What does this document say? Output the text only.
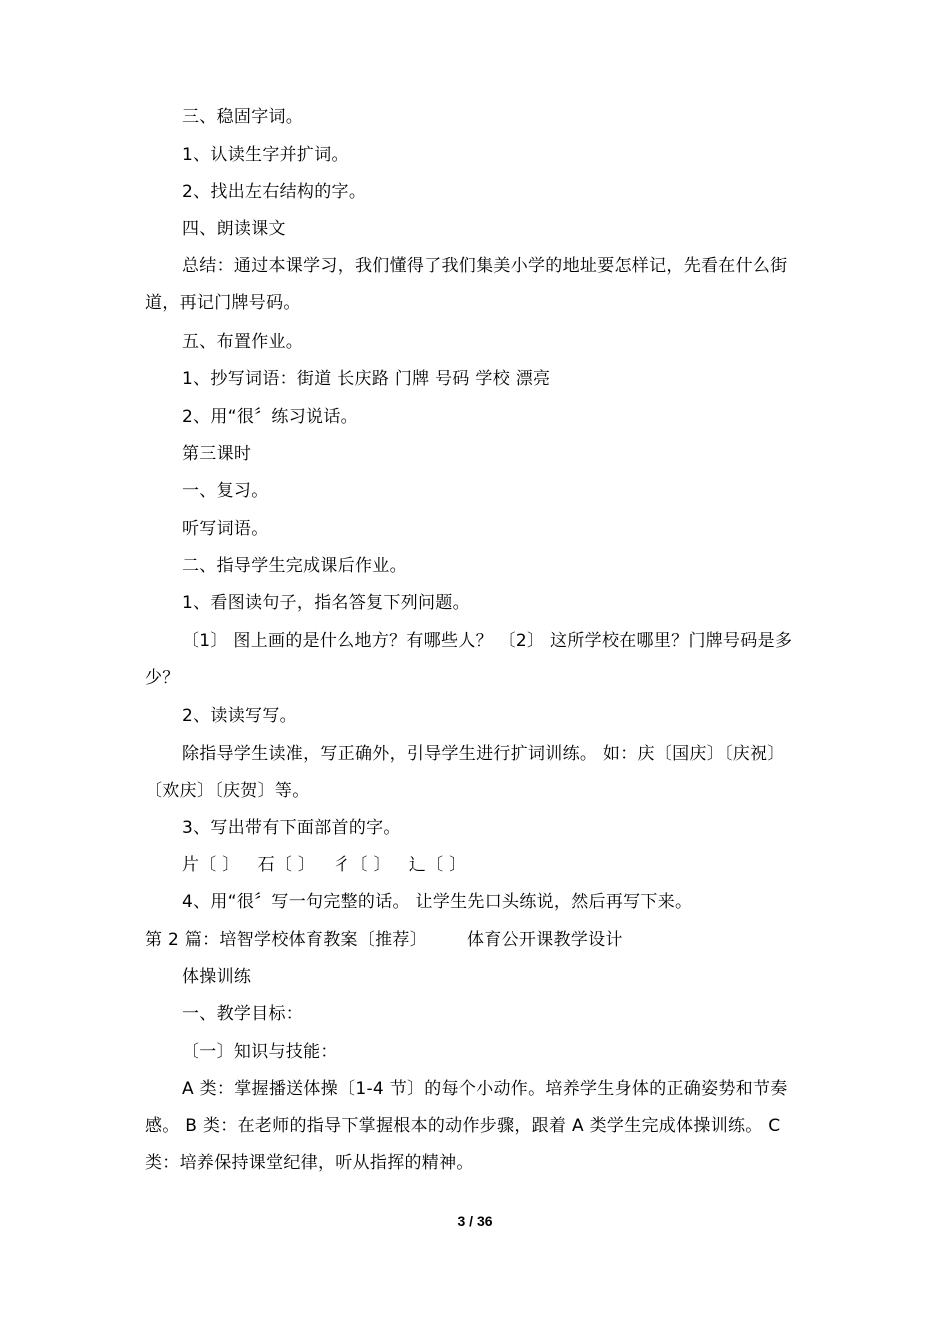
三、稳固字词。
1、认读生字并扩词。
2、找出左右结构的字。
四、朗读课文
总结：通过本课学习，我们懂得了我们集美小学的地址要怎样记，先看在什么街道，再记门牌号码。
五、布置作业。
1、抄写词语：街道 长庆路 门牌 号码 学校 漂亮
2、用“很〞练习说话。
第三课时
一、复习。
听写词语。
二、指导学生完成课后作业。
1、看图读句子，指名答复下列问题。
〔1〕 图上画的是什么地方？有哪些人？ 〔2〕 这所学校在哪里？门牌号码是多少？
2、读读写写。
除指导学生读准，写正确外，引导学生进行扩词训练。 如：庆〔国庆〕〔庆祝〕〔欢庆〕〔庆贺〕等。
3、写出带有下面部首的字。
片〔 〕 石〔 〕 彳〔 〕 辶〔 〕
4、用“很〞写一句完整的话。 让学生先口头练说，然后再写下来。
第 2 篇：培智学校体育教案〔推荐〕 体育公开课教学设计
体操训练
一、教学目标：
〔一〕知识与技能：
A 类：掌握播送体操〔1-4 节〕的每个小动作。培养学生身体的正确姿势和节奏感。 B 类：在老师的指导下掌握根本的动作步骤，跟着 A 类学生完成体操训练。 C 类：培养保持课堂纪律，听从指挥的精神。
3 / 36
